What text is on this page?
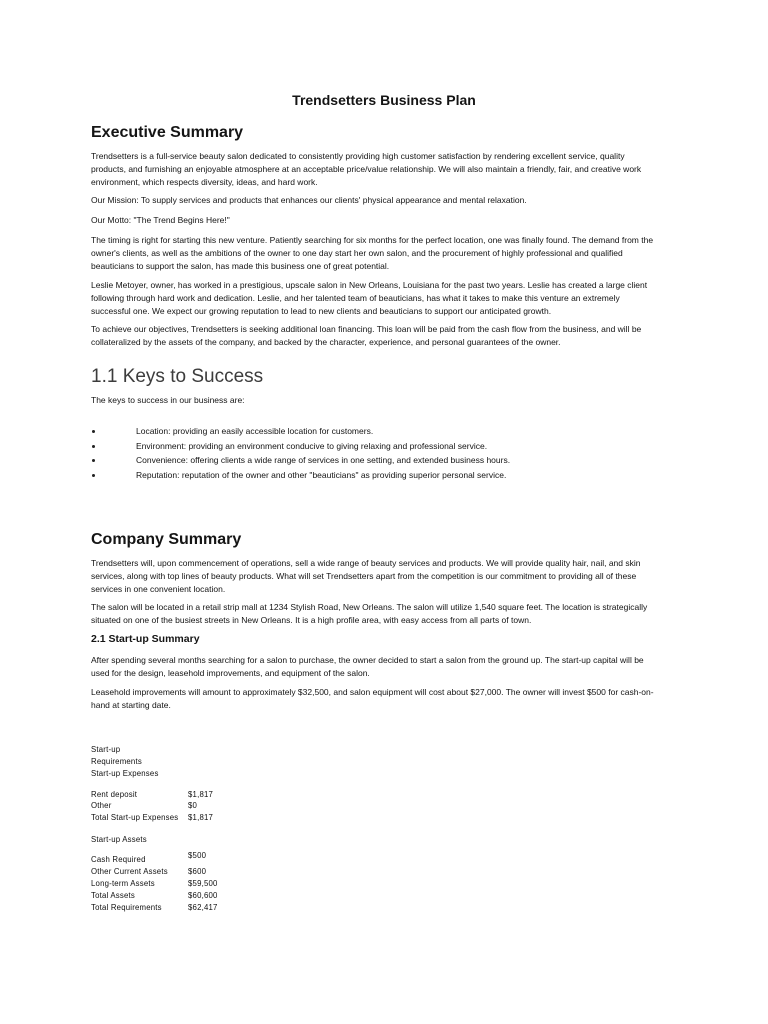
Trendsetters Business Plan
Executive Summary
Trendsetters is a full-service beauty salon dedicated to consistently providing high customer satisfaction by rendering excellent service, quality
products, and furnishing an enjoyable atmosphere at an acceptable price/value relationship. We will also maintain a friendly, fair, and creative work
environment, which respects diversity, ideas, and hard work.
Our Mission: To supply services and products that enhances our clients' physical appearance and mental relaxation.
Our Motto: "The Trend Begins Here!"
The timing is right for starting this new venture. Patiently searching for six months for the perfect location, one was finally found. The demand from the
owner's clients, as well as the ambitions of the owner to one day start her own salon, and the procurement of highly professional and qualified
beauticians to support the salon, has made this business one of great potential.
Leslie Metoyer, owner, has worked in a prestigious, upscale salon in New Orleans, Louisiana for the past two years. Leslie has created a large client
following through hard work and dedication. Leslie, and her talented team of beauticians, has what it takes to make this venture an extremely
successful one. We expect our growing reputation to lead to new clients and beauticians to support our anticipated growth.
To achieve our objectives, Trendsetters is seeking additional loan financing. This loan will be paid from the cash flow from the business, and will be
collateralized by the assets of the company, and backed by the character, experience, and personal guarantees of the owner.
1.1 Keys to Success
The keys to success in our business are:
Location: providing an easily accessible location for customers.
Environment: providing an environment conducive to giving relaxing and professional service.
Convenience: offering clients a wide range of services in one setting, and extended business hours.
Reputation: reputation of the owner and other "beauticians" as providing superior personal service.
Company Summary
Trendsetters will, upon commencement of operations, sell a wide range of beauty services and products. We will provide quality hair, nail, and skin
services, along with top lines of beauty products. What will set Trendsetters apart from the competition is our commitment to providing all of these
services in one convenient location.
The salon will be located in a retail strip mall at 1234 Stylish Road, New Orleans. The salon will utilize 1,540 square feet. The location is strategically
situated on one of the busiest streets in New Orleans. It is a high profile area, with easy access from all parts of town.
2.1 Start-up Summary
After spending several months searching for a salon to purchase, the owner decided to start a salon from the ground up. The start-up capital will be
used for the design, leasehold improvements, and equipment of the salon.
Leasehold improvements will amount to approximately $32,500, and salon equipment will cost about $27,000. The owner will invest $500 for cash-on-
hand at starting date.
Start-up
Requirements
Start-up Expenses
Rent deposit	$1,817
Other	$0
Total Start-up Expenses $1,817
Start-up Assets
Cash Required	$500
Other Current Assets	$600
Long-term Assets	$59,500
Total Assets	$60,600
Total Requirements	$62,417
